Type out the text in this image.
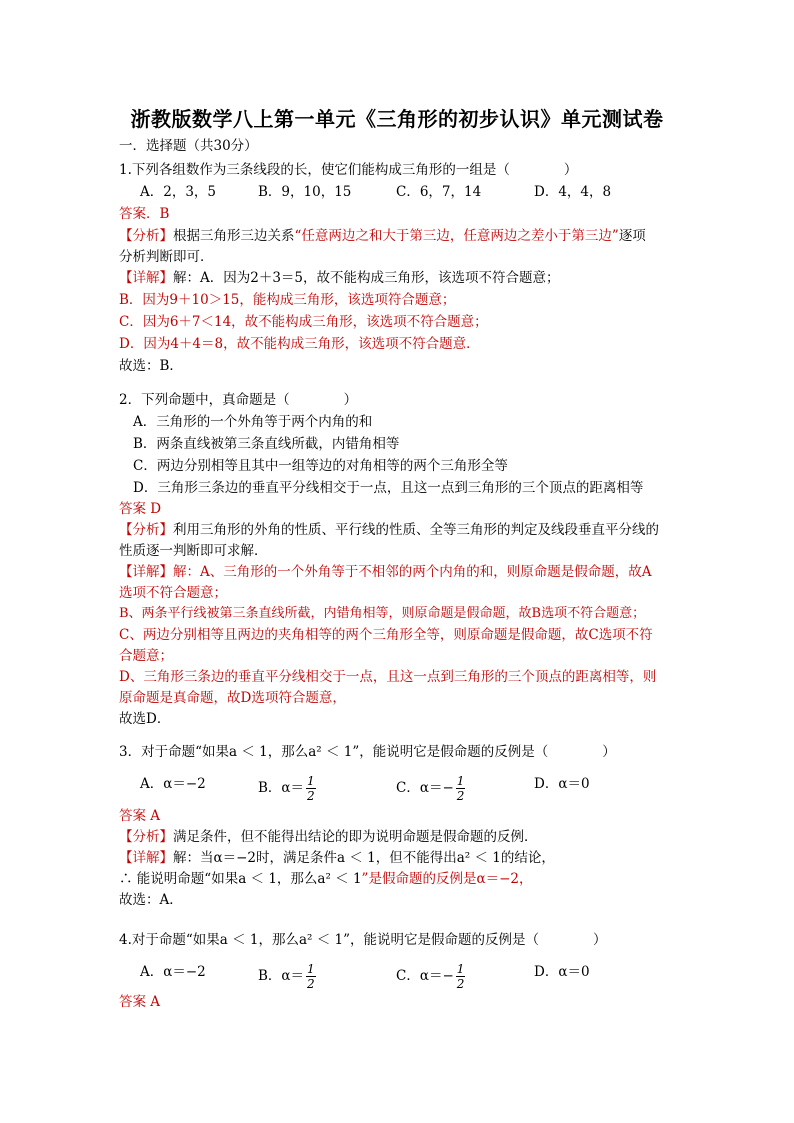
浙教版数学八上第一单元《三角形的初步认识》单元测试卷
一．选择题（共30分）
1.下列各组数作为三条线段的长，使它们能构成三角形的一组是（　　　　）
A．2，3，5	B．9，10，15	C．6，7，14	D．4，4，8
答案．B
【分析】根据三角形三边关系“任意两边之和大于第三边，任意两边之差小于第三边”逐项
分析判断即可．
【详解】解：A．因为2＋3＝5，故不能构成三角形，该选项不符合题意；
B．因为9＋10＞15，能构成三角形，该选项符合题意；
C．因为6＋7＜14，故不能构成三角形，该选项不符合题意；
D．因为4＋4＝8，故不能构成三角形，该选项不符合题意．
故选：B．
2．下列命题中，真命题是（　　　　）
A．三角形的一个外角等于两个内角的和
B．两条直线被第三条直线所截，内错角相等
C．两边分别相等且其中一组等边的对角相等的两个三角形全等
D．三角形三条边的垂直平分线相交于一点，且这一点到三角形的三个顶点的距离相等
答案 D
【分析】利用三角形的外角的性质、平行线的性质、全等三角形的判定及线段垂直平分线的
性质逐一判断即可求解．
【详解】解：A、三角形的一个外角等于不相邻的两个内角的和，则原命题是假命题，故A
选项不符合题意；
B、两条平行线被第三条直线所截，内错角相等，则原命题是假命题，故B选项不符合题意；
C、两边分别相等且两边的夹角相等的两个三角形全等，则原命题是假命题，故C选项不符
合题意；
D、三角形三条边的垂直平分线相交于一点，且这一点到三角形的三个顶点的距离相等，则
原命题是真命题，故D选项符合题意，
故选D．
3．对于命题“如果a ＜ 1，那么a² ＜ 1”，能说明它是假命题的反例是（　　　　）
A．α＝−2	B．$\alpha= \frac{1}{2}$	C．$\alpha=- \frac{1}{2}$	D．α＝0
答案 A
【分析】满足条件，但不能得出结论的即为说明命题是假命题的反例．
【详解】解：当α＝−2时，满足条件a ＜ 1，但不能得出a² ＜ 1的结论，
∴ 能说明命题“如果a ＜ 1，那么a² ＜ 1”是假命题的反例是α＝−2，
故选：A．
4.对于命题“如果a ＜ 1，那么a² ＜ 1”，能说明它是假命题的反例是（　　　　）
A．α＝−2	B．$\alpha= \frac{1}{2}$	C．$\alpha=- \frac{1}{2}$	D．α＝0
答案 A
